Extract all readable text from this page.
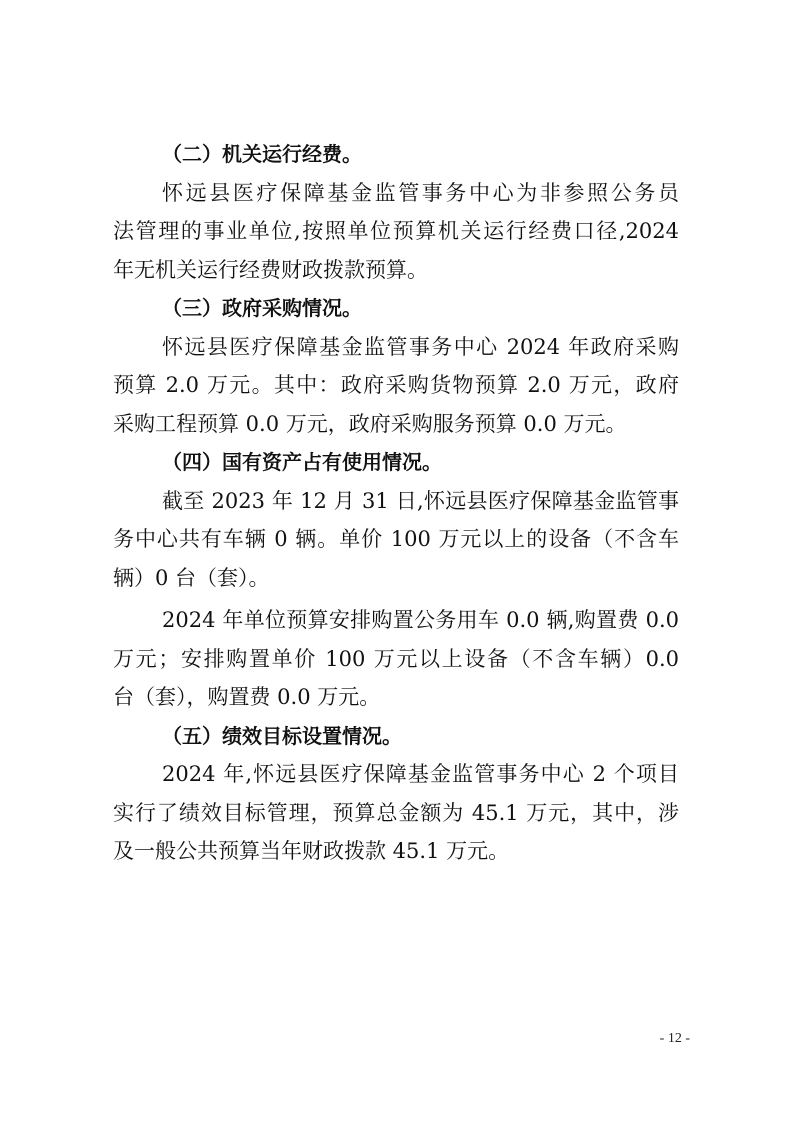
（二）机关运行经费。
怀远县医疗保障基金监管事务中心为非参照公务员
法管理的事业单位,按照单位预算机关运行经费口径,2024
年无机关运行经费财政拨款预算。
（三）政府采购情况。
怀远县医疗保障基金监管事务中心 2024 年政府采购
预算 2.0 万元。其中：政府采购货物预算 2.0 万元，政府
采购工程预算 0.0 万元，政府采购服务预算 0.0 万元。
（四）国有资产占有使用情况。
截至 2023 年 12 月 31 日,怀远县医疗保障基金监管事
务中心共有车辆 0 辆。单价 100 万元以上的设备（不含车
辆）0 台（套）。
2024 年单位预算安排购置公务用车 0.0 辆,购置费 0.0
万元；安排购置单价 100 万元以上设备（不含车辆）0.0
台（套），购置费 0.0 万元。
（五）绩效目标设置情况。
2024 年,怀远县医疗保障基金监管事务中心 2 个项目
实行了绩效目标管理，预算总金额为 45.1 万元，其中，涉
及一般公共预算当年财政拨款 45.1 万元。
- 12 -
